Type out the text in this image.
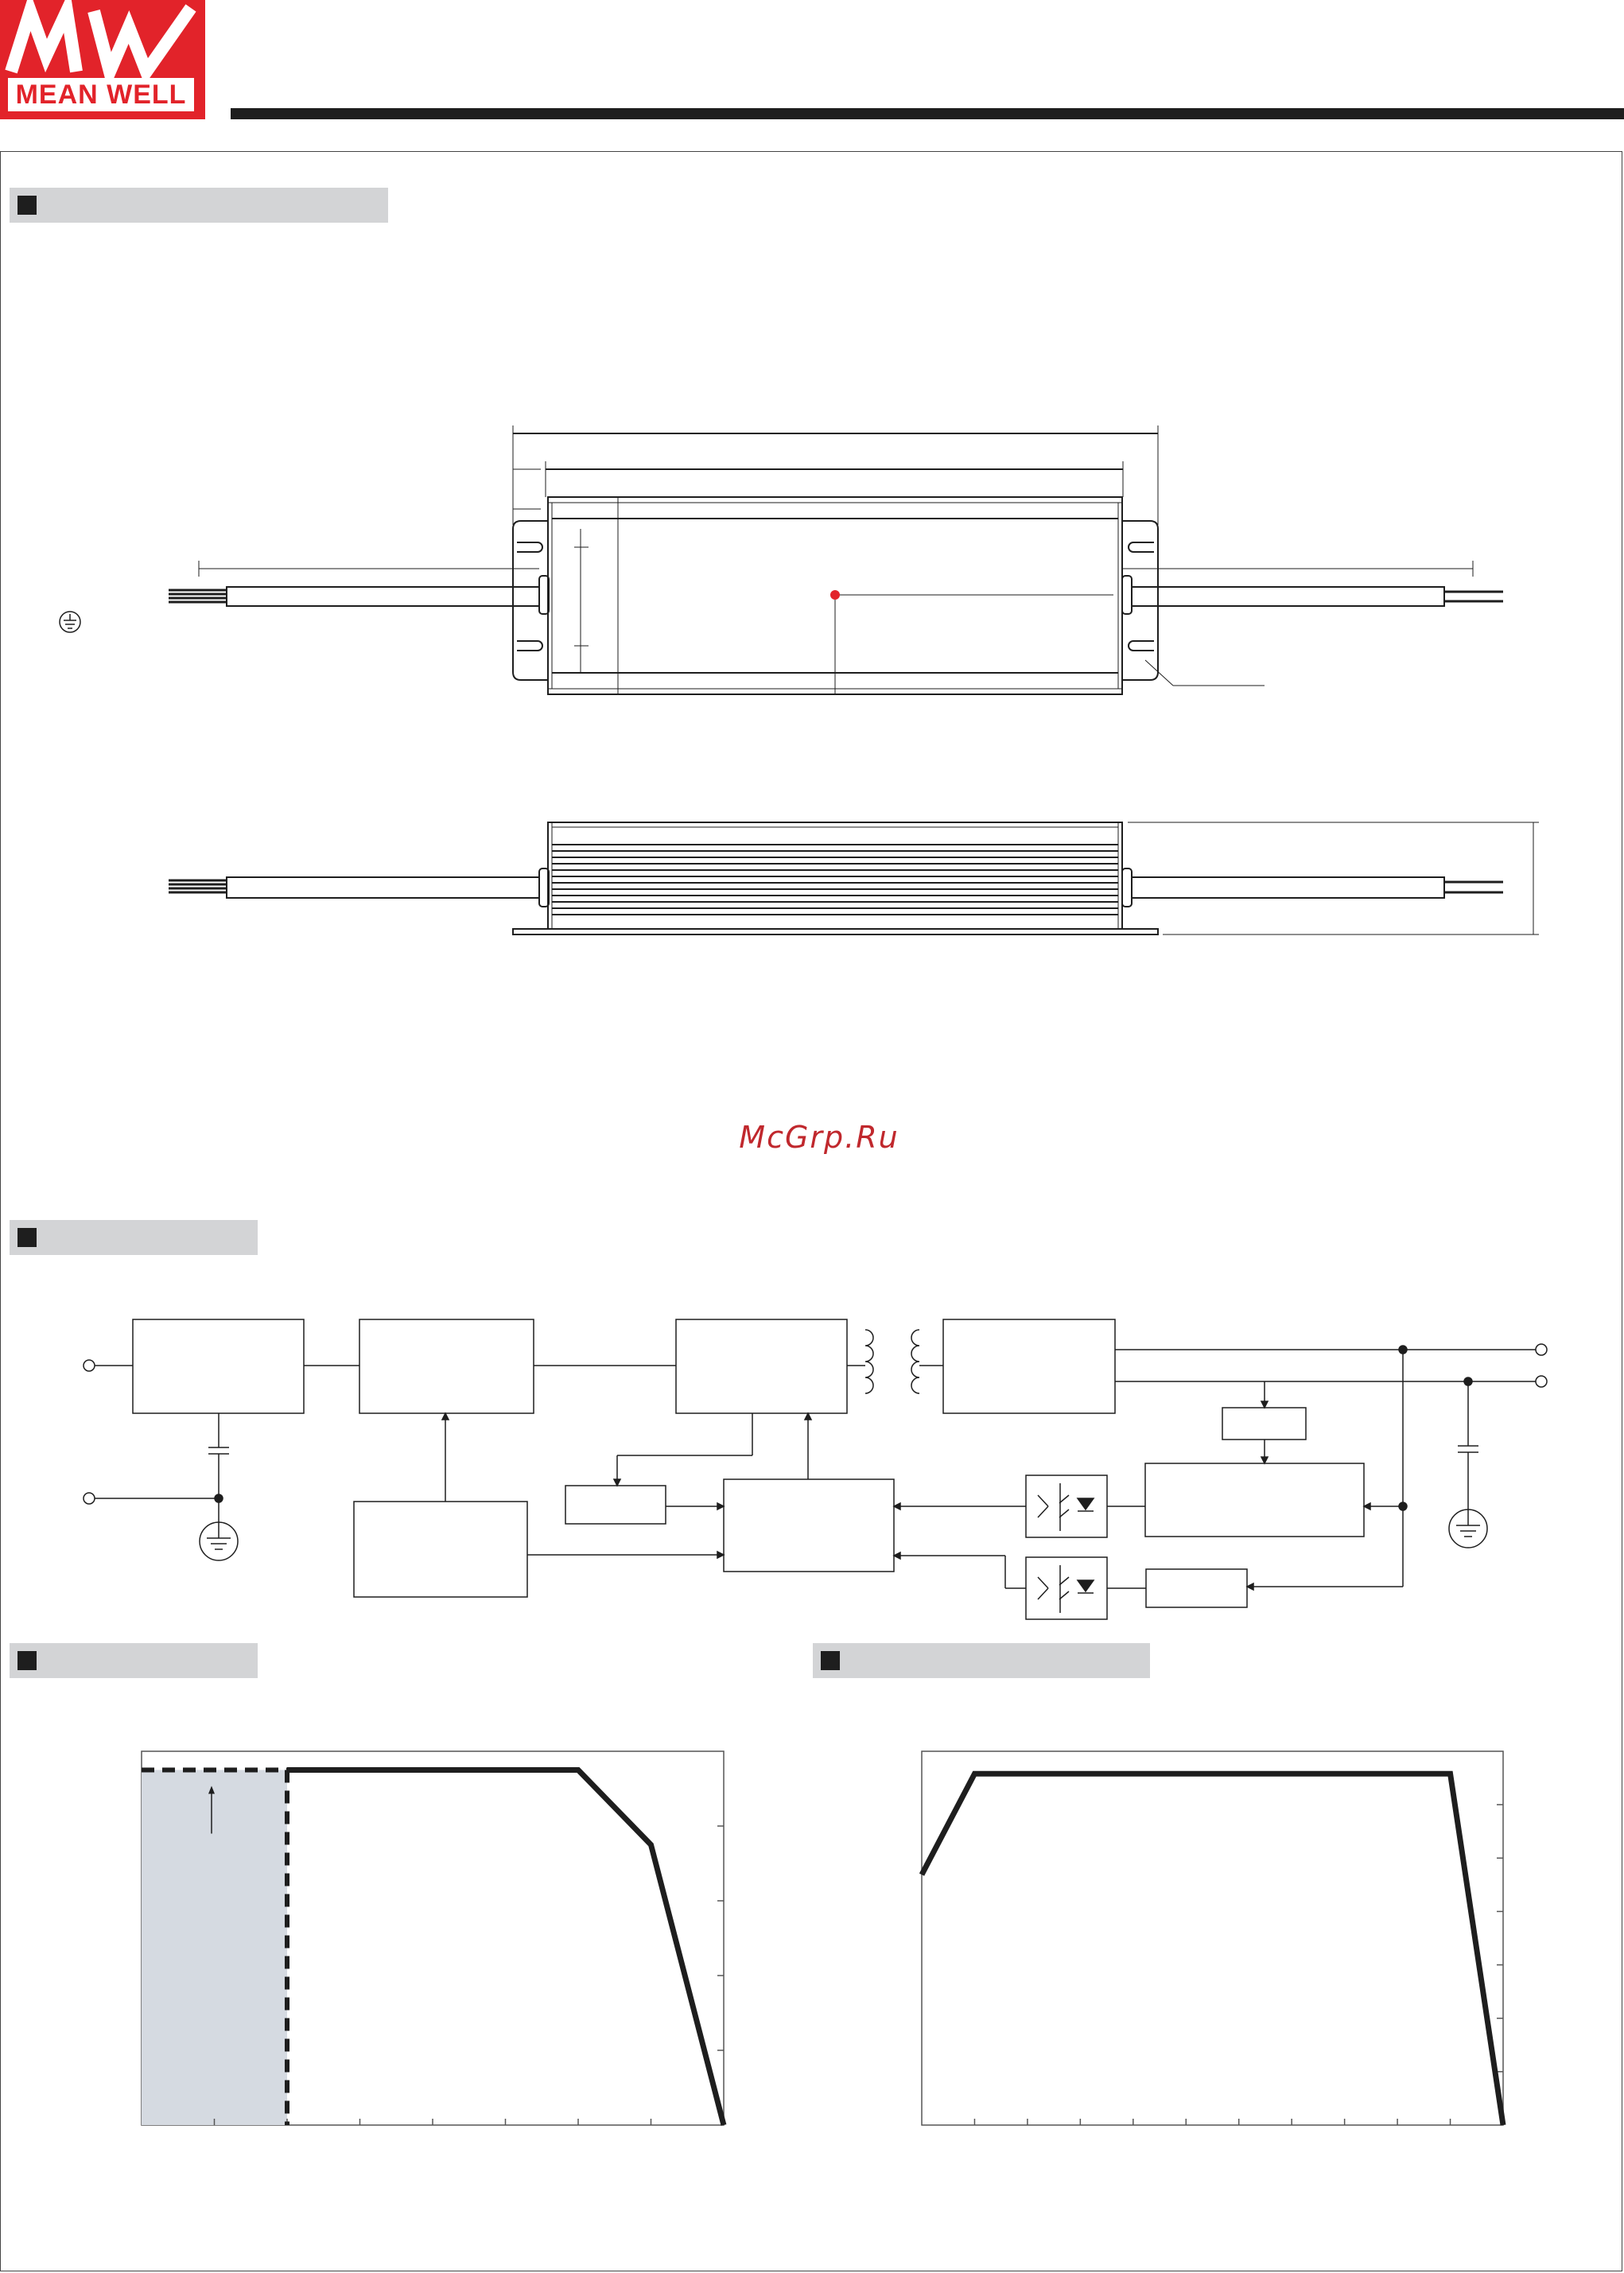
MEAN WELL
McGrp.Ru
